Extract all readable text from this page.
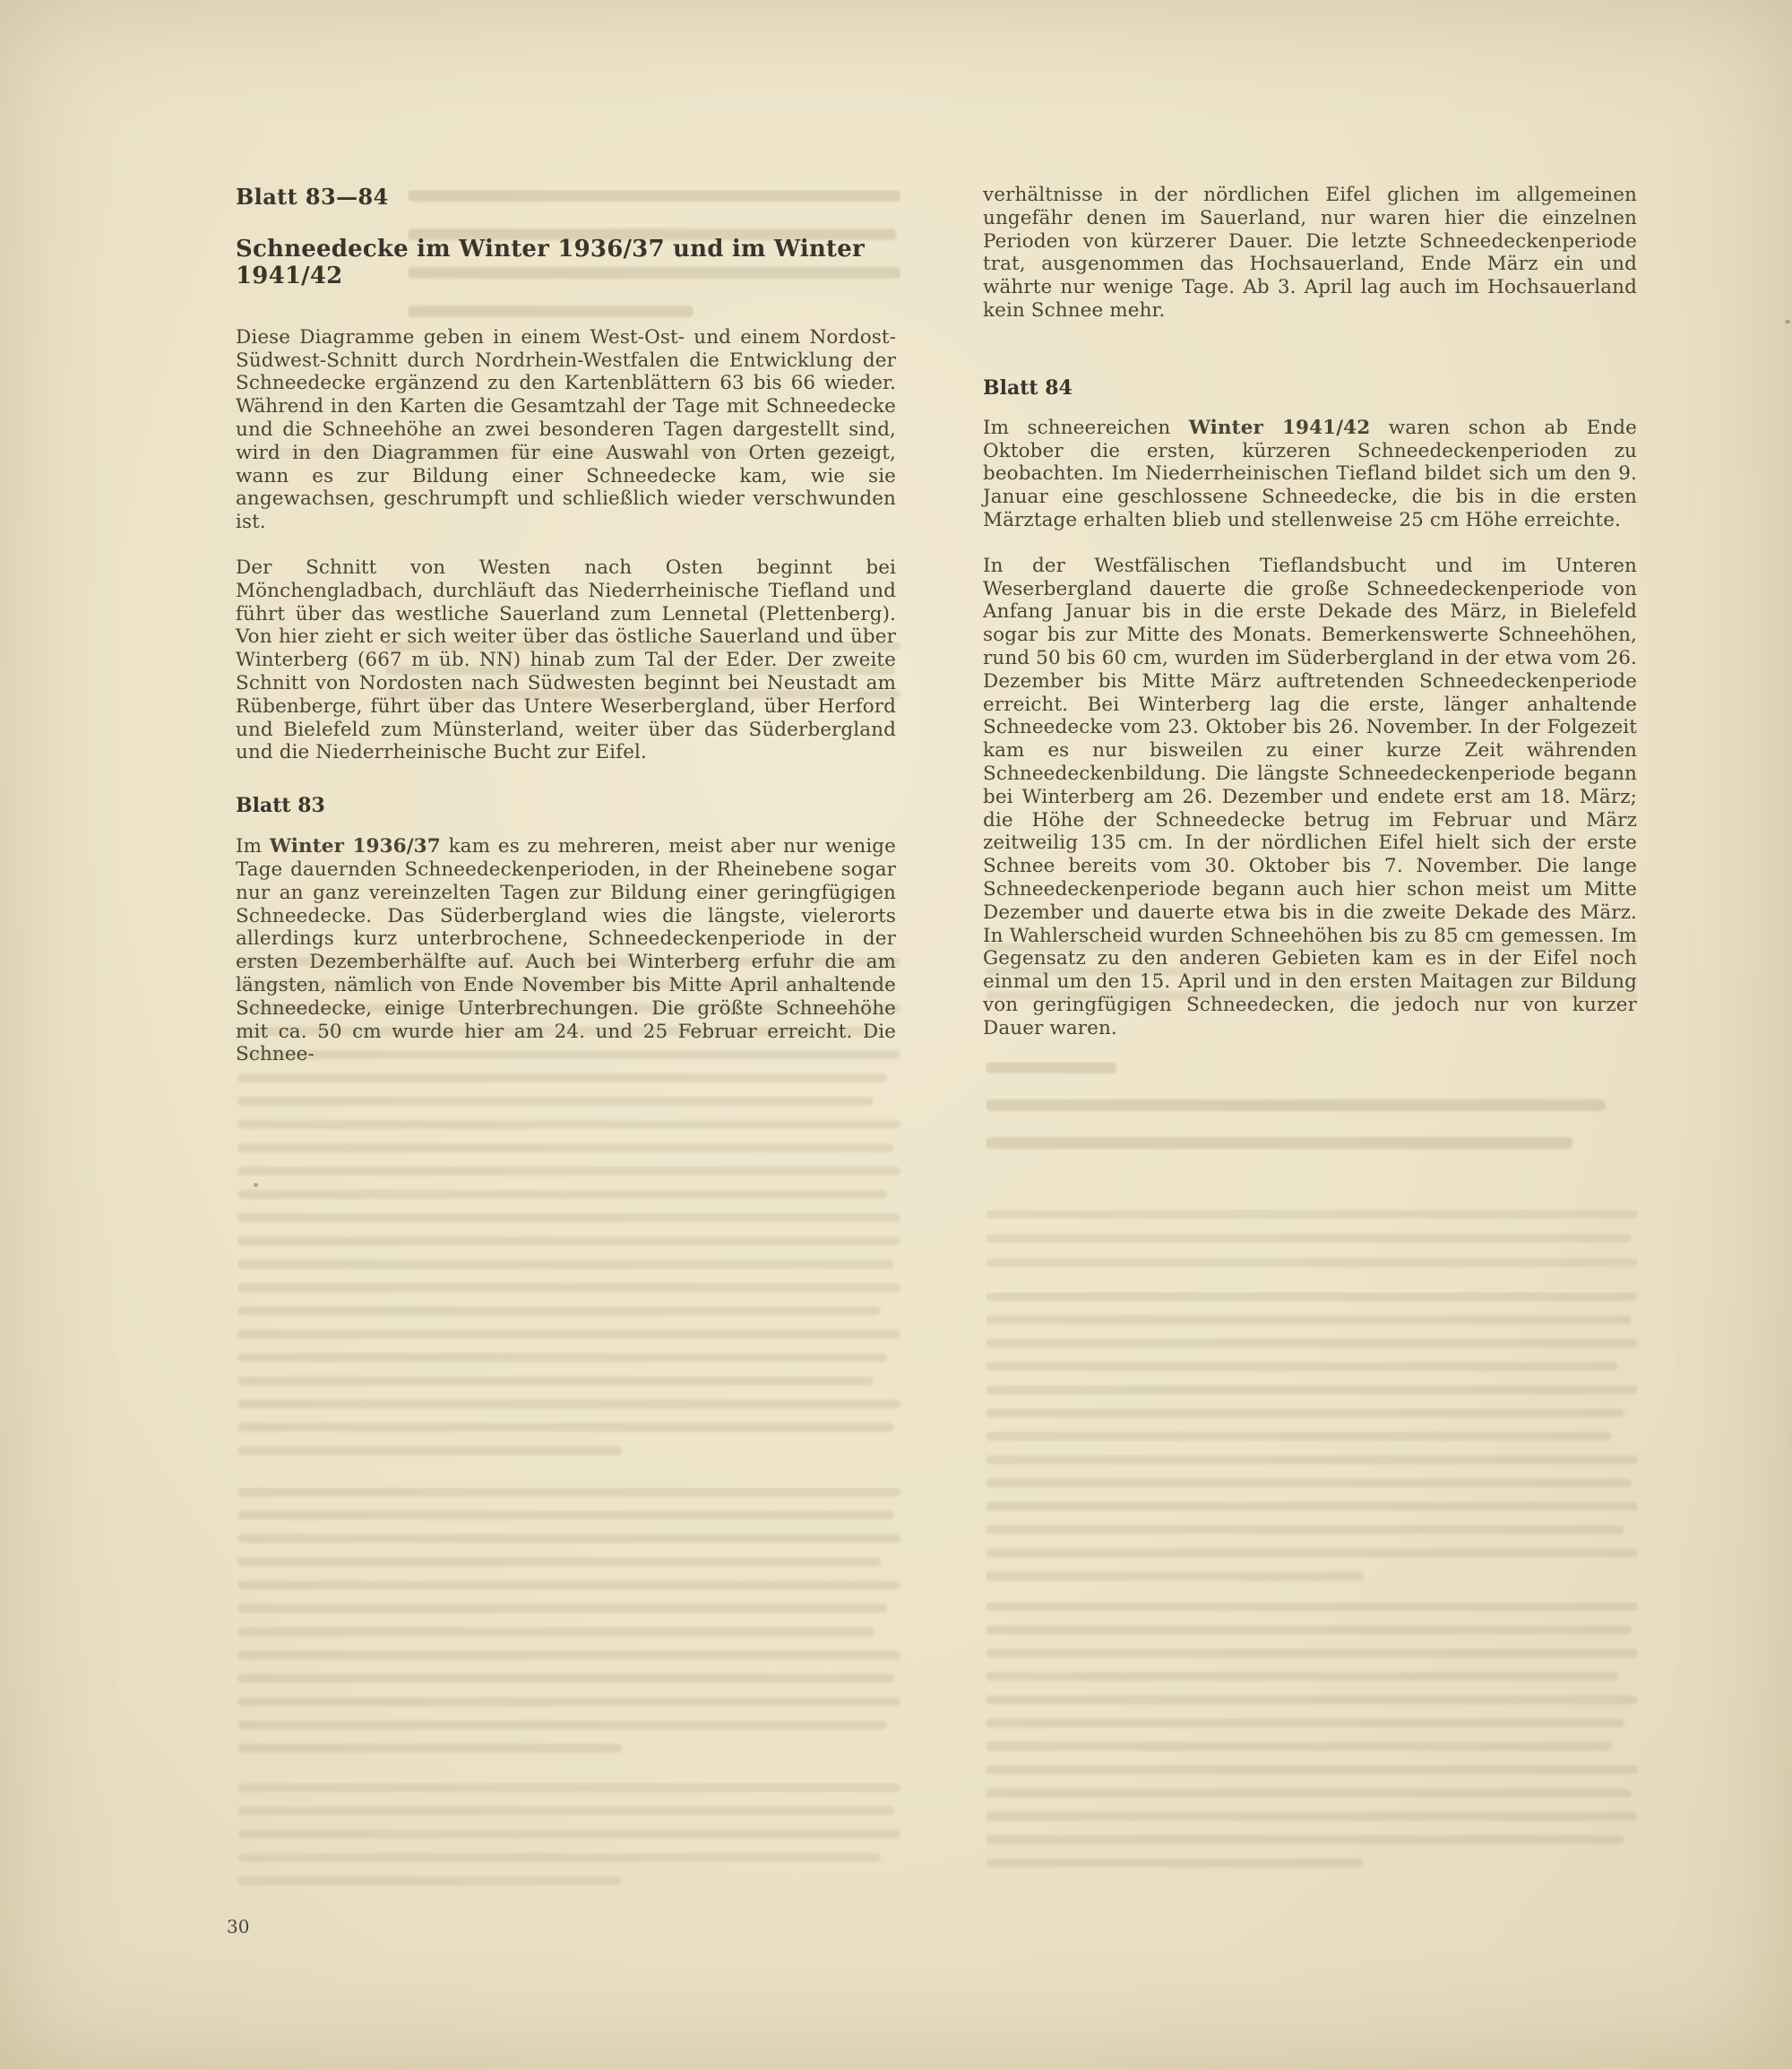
Blatt 83—84

Schneedecke im Winter 1936/37 und im Winter 1941/42

Diese Diagramme geben in einem West-Ost- und einem Nordost-Südwest-Schnitt durch Nordrhein-Westfalen die Entwicklung der Schneedecke ergänzend zu den Kartenblättern 63 bis 66 wieder. Während in den Karten die Gesamtzahl der Tage mit Schneedecke und die Schneehöhe an zwei besonderen Tagen dargestellt sind, wird in den Diagrammen für eine Auswahl von Orten gezeigt, wann es zur Bildung einer Schneedecke kam, wie sie angewachsen, geschrumpft und schließlich wieder verschwunden ist.

Der Schnitt von Westen nach Osten beginnt bei Mönchengladbach, durchläuft das Niederrheinische Tiefland und führt über das westliche Sauerland zum Lennetal (Plettenberg). Von hier zieht er sich weiter über das östliche Sauerland und über Winterberg (667 m üb. NN) hinab zum Tal der Eder. Der zweite Schnitt von Nordosten nach Südwesten beginnt bei Neustadt am Rübenberge, führt über das Untere Weserbergland, über Herford und Bielefeld zum Münsterland, weiter über das Süderbergland und die Niederrheinische Bucht zur Eifel.

Blatt 83

Im Winter 1936/37 kam es zu mehreren, meist aber nur wenige Tage dauernden Schneedeckenperioden, in der Rheinebene sogar nur an ganz vereinzelten Tagen zur Bildung einer geringfügigen Schneedecke. Das Süderbergland wies die längste, vielerorts allerdings kurz unterbrochene, Schneedeckenperiode in der ersten Dezemberhälfte auf. Auch bei Winterberg erfuhr die am längsten, nämlich von Ende November bis Mitte April anhaltende Schneedecke, einige Unterbrechungen. Die größte Schneehöhe mit ca. 50 cm wurde hier am 24. und 25 Februar erreicht. Die Schnee-

verhältnisse in der nördlichen Eifel glichen im allgemeinen ungefähr denen im Sauerland, nur waren hier die einzelnen Perioden von kürzerer Dauer. Die letzte Schneedeckenperiode trat, ausgenommen das Hochsauerland, Ende März ein und währte nur wenige Tage. Ab 3. April lag auch im Hochsauerland kein Schnee mehr.

Blatt 84

Im schneereichen Winter 1941/42 waren schon ab Ende Oktober die ersten, kürzeren Schneedeckenperioden zu beobachten. Im Niederrheinischen Tiefland bildet sich um den 9. Januar eine geschlossene Schneedecke, die bis in die ersten Märztage erhalten blieb und stellenweise 25 cm Höhe erreichte.

In der Westfälischen Tieflandsbucht und im Unteren Weserbergland dauerte die große Schneedeckenperiode von Anfang Januar bis in die erste Dekade des März, in Bielefeld sogar bis zur Mitte des Monats. Bemerkenswerte Schneehöhen, rund 50 bis 60 cm, wurden im Süderbergland in der etwa vom 26. Dezember bis Mitte März auftretenden Schneedeckenperiode erreicht. Bei Winterberg lag die erste, länger anhaltende Schneedecke vom 23. Oktober bis 26. November. In der Folgezeit kam es nur bisweilen zu einer kurze Zeit währenden Schneedeckenbildung. Die längste Schneedeckenperiode begann bei Winterberg am 26. Dezember und endete erst am 18. März; die Höhe der Schneedecke betrug im Februar und März zeitweilig 135 cm. In der nördlichen Eifel hielt sich der erste Schnee bereits vom 30. Oktober bis 7. November. Die lange Schneedeckenperiode begann auch hier schon meist um Mitte Dezember und dauerte etwa bis in die zweite Dekade des März. In Wahlerscheid wurden Schneehöhen bis zu 85 cm gemessen. Im Gegensatz zu den anderen Gebieten kam es in der Eifel noch einmal um den 15. April und in den ersten Maitagen zur Bildung von geringfügigen Schneedecken, die jedoch nur von kurzer Dauer waren.

30
